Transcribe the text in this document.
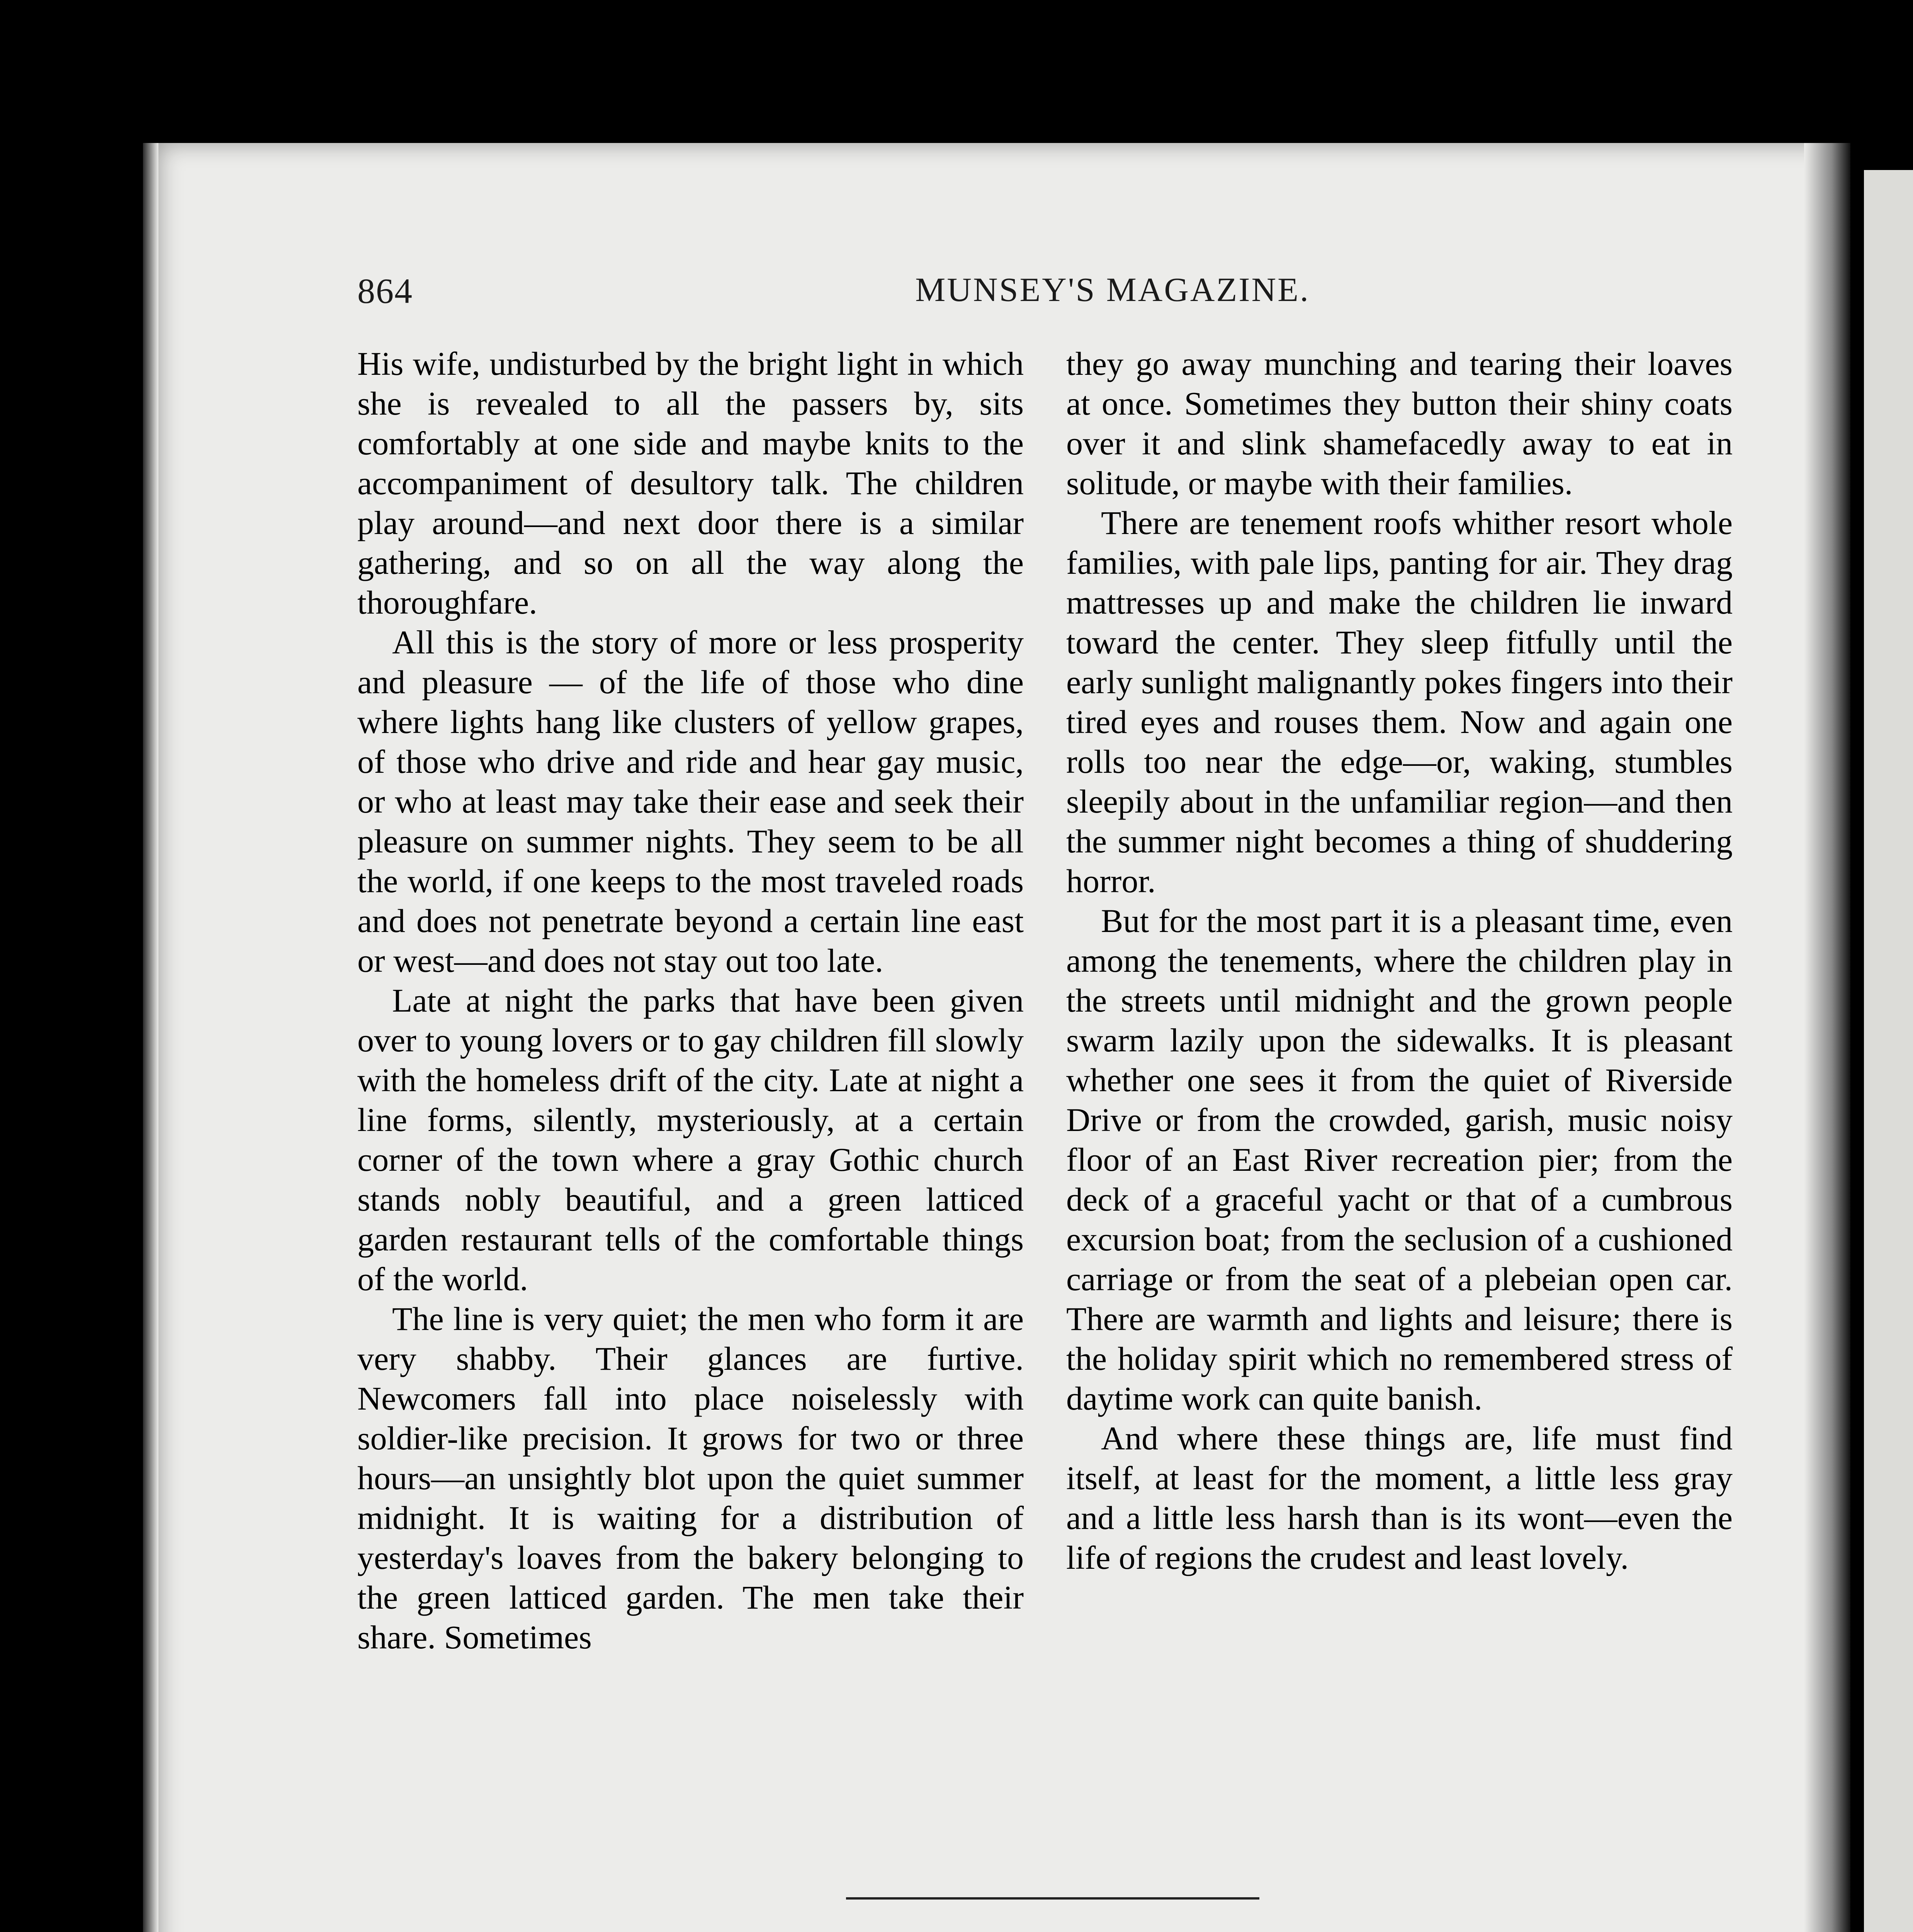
864	MUNSEY'S MAGAZINE.

His wife, undisturbed by the bright light in which she is revealed to all the passers by, sits comfortably at one side and maybe knits to the accompaniment of desultory talk. The children play around—and next door there is a similar gathering, and so on all the way along the thoroughfare.

All this is the story of more or less prosperity and pleasure — of the life of those who dine where lights hang like clusters of yellow grapes, of those who drive and ride and hear gay music, or who at least may take their ease and seek their pleasure on summer nights. They seem to be all the world, if one keeps to the most traveled roads and does not penetrate beyond a certain line east or west—and does not stay out too late.

Late at night the parks that have been given over to young lovers or to gay children fill slowly with the homeless drift of the city. Late at night a line forms, silently, mysteriously, at a certain corner of the town where a gray Gothic church stands nobly beautiful, and a green latticed garden restaurant tells of the comfortable things of the world.

The line is very quiet; the men who form it are very shabby. Their glances are furtive. Newcomers fall into place noiselessly with soldier-like precision. It grows for two or three hours—an unsightly blot upon the quiet summer midnight. It is waiting for a distribution of yesterday's loaves from the bakery belonging to the green latticed garden. The men take their share. Sometimes

they go away munching and tearing their loaves at once. Sometimes they button their shiny coats over it and slink shamefacedly away to eat in solitude, or maybe with their families.

There are tenement roofs whither resort whole families, with pale lips, panting for air. They drag mattresses up and make the children lie inward toward the center. They sleep fitfully until the early sunlight malignantly pokes fingers into their tired eyes and rouses them. Now and again one rolls too near the edge—or, waking, stumbles sleepily about in the unfamiliar region—and then the summer night becomes a thing of shuddering horror.

But for the most part it is a pleasant time, even among the tenements, where the children play in the streets until midnight and the grown people swarm lazily upon the sidewalks. It is pleasant whether one sees it from the quiet of Riverside Drive or from the crowded, garish, music noisy floor of an East River recreation pier; from the deck of a graceful yacht or that of a cumbrous excursion boat; from the seclusion of a cushioned carriage or from the seat of a plebeian open car. There are warmth and lights and leisure; there is the holiday spirit which no remembered stress of daytime work can quite banish.

And where these things are, life must find itself, at least for the moment, a little less gray and a little less harsh than is its wont—even the life of regions the crudest and least lovely.
